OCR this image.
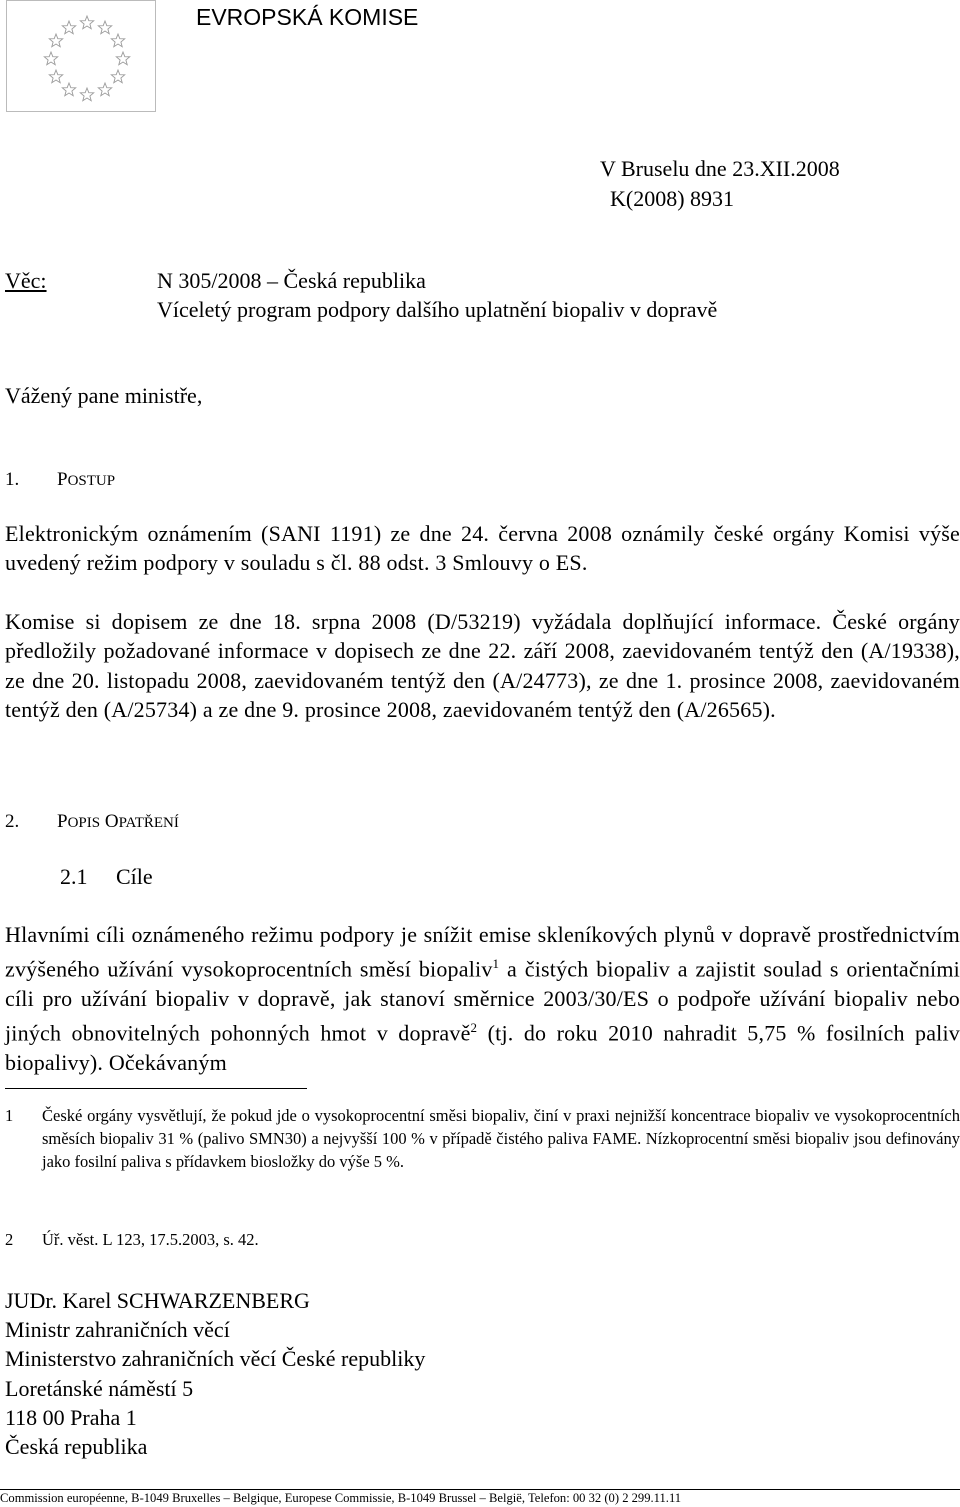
EVROPSKÁ KOMISE
V Bruselu dne 23.XII.2008
K(2008) 8931
Věc:	N 305/2008 – Česká republika
Víceletý program podpory dalšího uplatnění biopaliv v dopravě
Vážený pane ministře,
1. POSTUP
Elektronickým oznámením (SANI 1191) ze dne 24. června 2008 oznámily české orgány Komisi výše uvedený režim podpory v souladu s čl. 88 odst. 3 Smlouvy o ES.
Komise si dopisem ze dne 18. srpna 2008 (D/53219) vyžádala doplňující informace. České orgány předložily požadované informace v dopisech ze dne 22. září 2008, zaevidovaném tentýž den (A/19338), ze dne 20. listopadu 2008, zaevidovaném tentýž den (A/24773), ze dne 1. prosince 2008, zaevidovaném tentýž den (A/25734) a ze dne 9. prosince 2008, zaevidovaném tentýž den (A/26565).
2. POPIS OPATŘENÍ
2.1 Cíle
Hlavními cíli oznámeného režimu podpory je snížit emise skleníkových plynů v dopravě prostřednictvím zvýšeného užívání vysokoprocentních směsí biopaliv$^1$ a čistých biopaliv a zajistit soulad s orientačními cíli pro užívání biopaliv v dopravě, jak stanoví směrnice 2003/30/ES o podpoře užívání biopaliv nebo jiných obnovitelných pohonných hmot v dopravě$^2$ (tj. do roku 2010 nahradit 5,75 % fosilních paliv biopalivy). Očekávaným
1 České orgány vysvětlují, že pokud jde o vysokoprocentní směsi biopaliv, činí v praxi nejnižší koncentrace biopaliv ve vysokoprocentních směsích biopaliv 31 % (palivo SMN30) a nejvyšší 100 % v případě čistého paliva FAME. Nízkoprocentní směsi biopaliv jsou definovány jako fosilní paliva s přídavkem biosložky do výše 5 %.
2 Úř. věst. L 123, 17.5.2003, s. 42.
JUDr. Karel SCHWARZENBERG
Ministr zahraničních věcí
Ministerstvo zahraničních věcí České republiky
Loretánské náměstí 5
118 00 Praha 1
Česká republika
Commission européenne, B-1049 Bruxelles – Belgique, Europese Commissie, B-1049 Brussel – België, Telefon: 00 32 (0) 2 299.11.11
